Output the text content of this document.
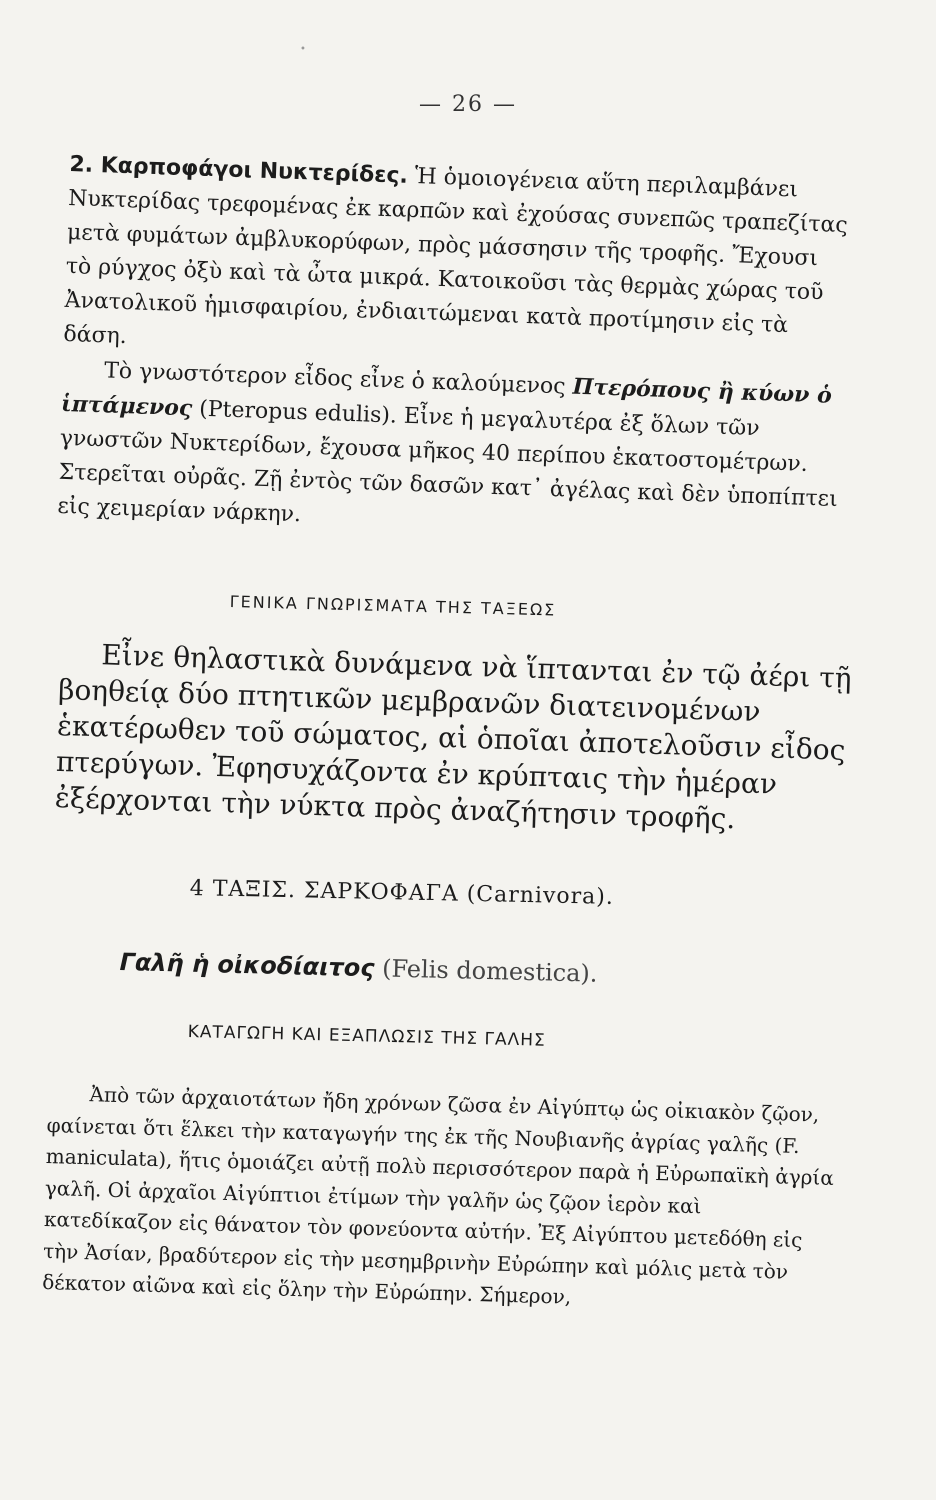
•
— 26 —

2. Καρποφάγοι Νυκτερίδες. Ἡ ὁμοιογένεια αὕτη περιλαμβάνει Νυκτερίδας τρεφομένας ἐκ καρπῶν καὶ ἐχούσας συνεπῶς τραπεζίτας μετὰ φυμάτων ἀμβλυκορύφων, πρὸς μάσσησιν τῆς τροφῆς. Ἔχουσι τὸ ρύγχος ὀξὺ καὶ τὰ ὦτα μικρά. Κατοικοῦσι τὰς θερμὰς χώρας τοῦ Ἀνατολικοῦ ἡμισφαιρίου, ἐνδιαιτώμεναι κατὰ προτίμησιν εἰς τὰ δάση.

Τὸ γνωστότερον εἶδος εἶνε ὁ καλούμενος Πτερόπους ἢ κύων ὁ ἱπτάμενος (Pteropus edulis). Εἶνε ἡ μεγαλυτέρα ἐξ ὅλων τῶν γνωστῶν Νυκτερίδων, ἔχουσα μῆκος 40 περίπου ἑκατοστομέτρων. Στερεῖται οὐρᾶς. Ζῇ ἐντὸς τῶν δασῶν κατ᾽ ἀγέλας καὶ δὲν ὑποπίπτει εἰς χειμερίαν νάρκην.

ΓΕΝΙΚΑ ΓΝΩΡΙΣΜΑΤΑ ΤΗΣ ΤΑΞΕΩΣ

Εἶνε θηλαστικὰ δυνάμενα νὰ ἵπτανται ἐν τῷ ἀέρι τῇ βοηθείᾳ δύο πτητικῶν μεμβρανῶν διατεινομένων ἑκατέρωθεν τοῦ σώματος, αἱ ὁποῖαι ἀποτελοῦσιν εἶδος πτερύγων. Ἐφησυχάζοντα ἐν κρύπταις τὴν ἡμέραν ἐξέρχονται τὴν νύκτα πρὸς ἀναζήτησιν τροφῆς.

4 ΤΑΞΙΣ. ΣΑΡΚΟΦΑΓΑ (Carnivora).
Γαλῆ ἡ οἰκοδίαιτος (Felis domestica).
ΚΑΤΑΓΩΓΗ ΚΑΙ ΕΞΑΠΛΩΣΙΣ ΤΗΣ ΓΑΛΗΣ

Ἀπὸ τῶν ἀρχαιοτάτων ἤδη χρόνων ζῶσα ἐν Αἰγύπτῳ ὡς οἰκιακὸν ζῷον, φαίνεται ὅτι ἕλκει τὴν καταγωγήν της ἐκ τῆς Νουβιανῆς ἀγρίας γαλῆς (F. maniculata), ἥτις ὁμοιάζει αὐτῇ πολὺ περισσότερον παρὰ ἡ Εὐρωπαϊκὴ ἀγρία γαλῆ. Οἱ ἀρχαῖοι Αἰγύπτιοι ἐτίμων τὴν γαλῆν ὡς ζῷον ἱερὸν καὶ κατεδίκαζον εἰς θάνατον τὸν φονεύοντα αὐτήν. Ἐξ Αἰγύπτου μετεδόθη εἰς τὴν Ἀσίαν, βραδύτερον εἰς τὴν μεσημβρινὴν Εὐρώπην καὶ μόλις μετὰ τὸν δέκατον αἰῶνα καὶ εἰς ὅλην τὴν Εὐρώπην. Σήμερον,
